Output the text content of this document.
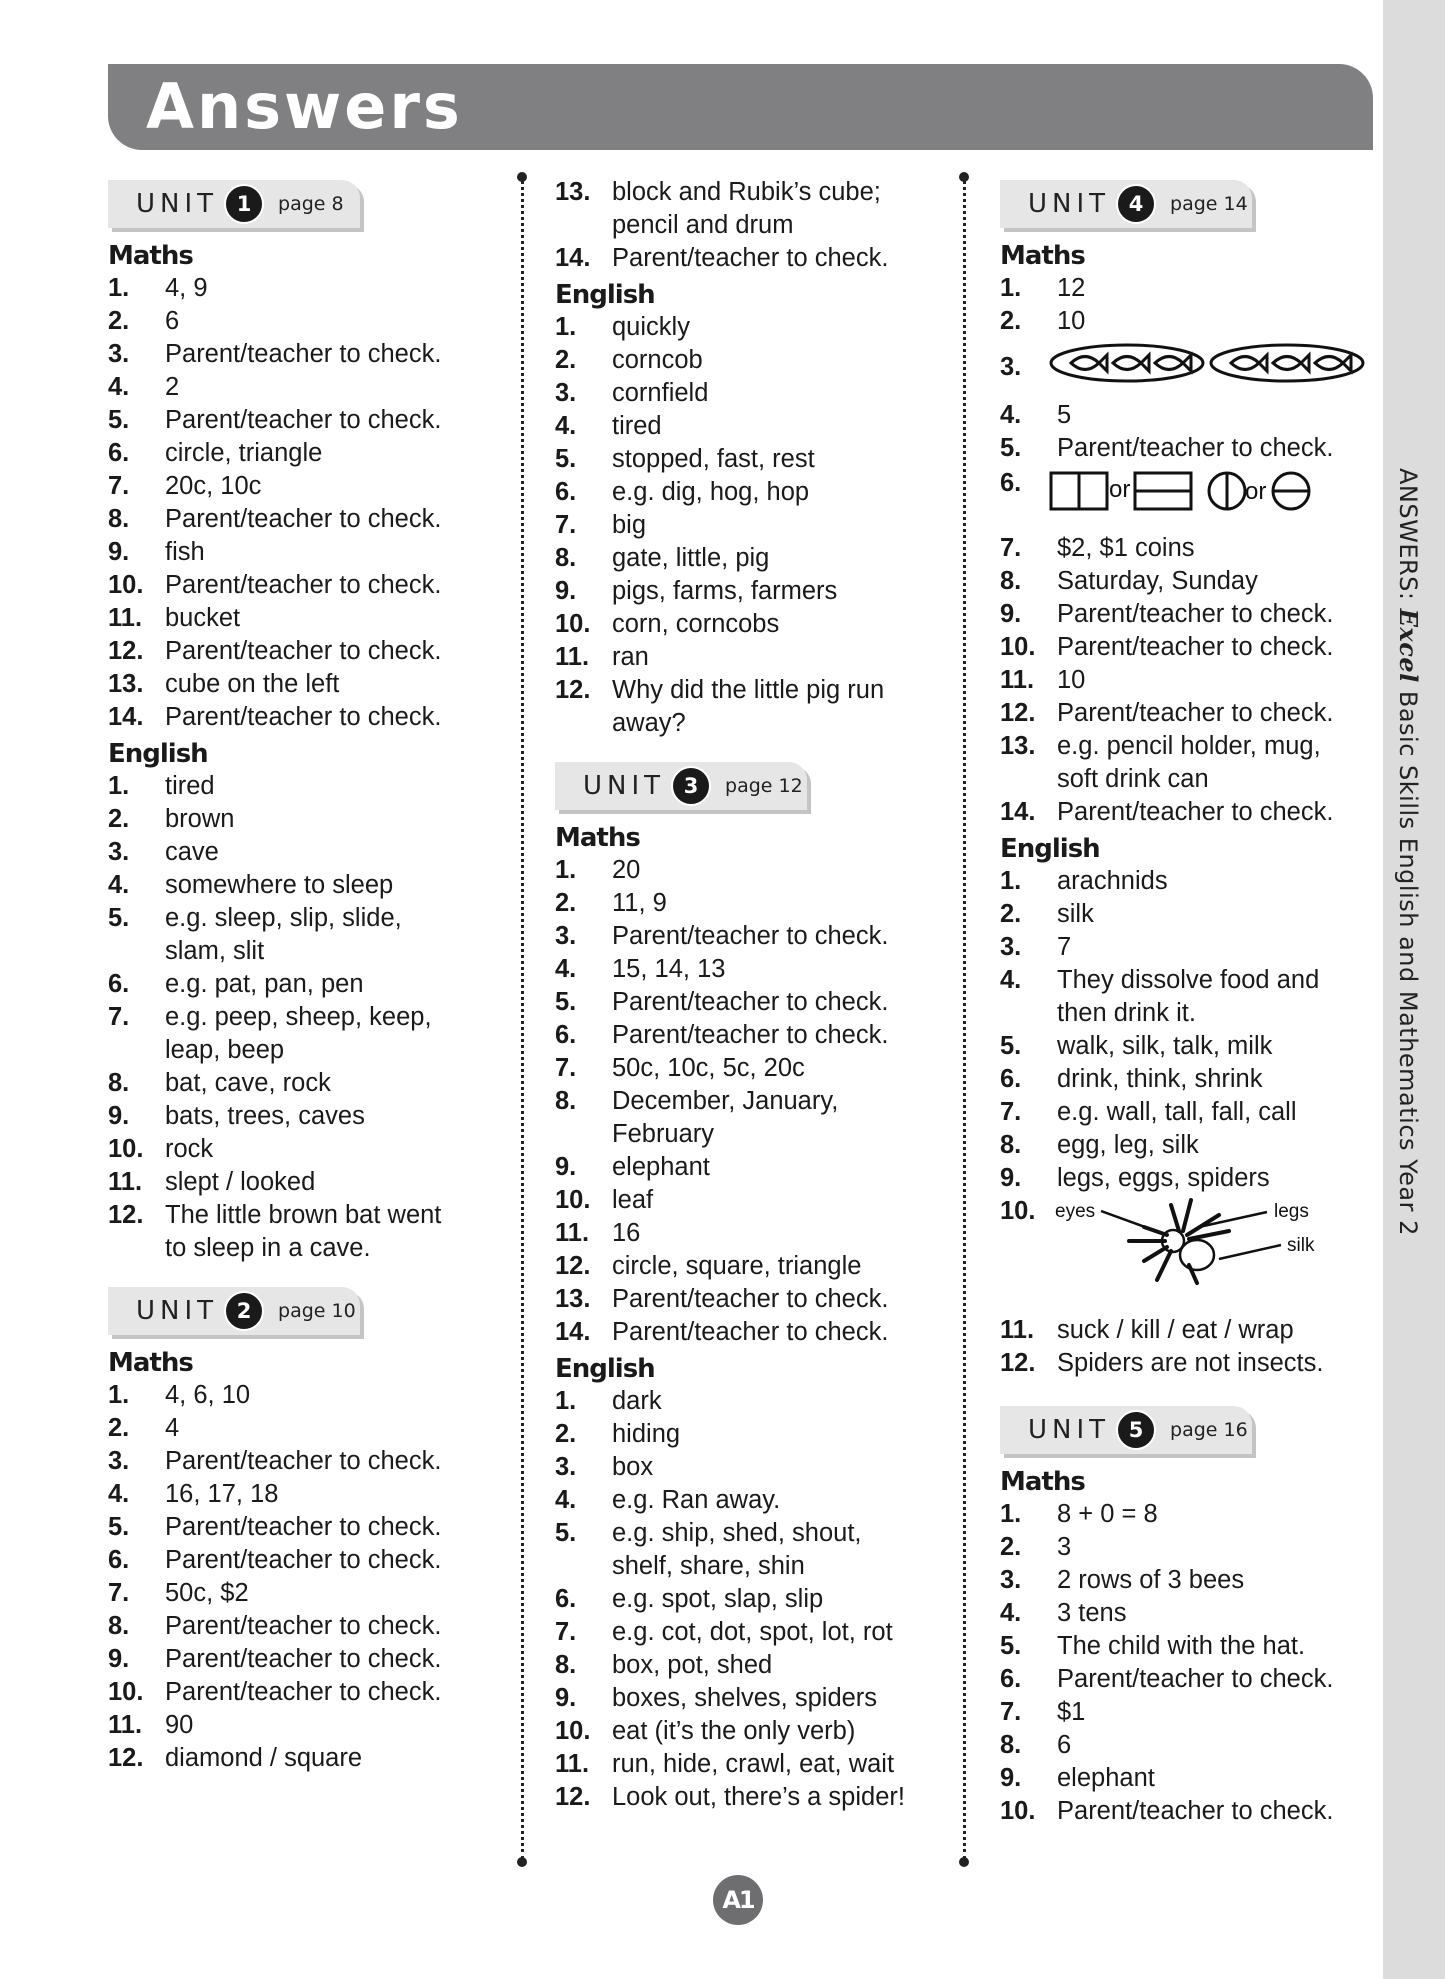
Answers
ANSWERS: Excel Basic Skills English and Mathematics Year 2
UNIT 1	page 8
Maths
1.	4, 9
2.	6
3.	Parent/teacher to check.
4.	2
5.	Parent/teacher to check.
6.	circle, triangle
7.	20c, 10c
8.	Parent/teacher to check.
9.	fish
10. Parent/teacher to check.
11. bucket
12. Parent/teacher to check.
13. cube on the left
14. Parent/teacher to check.
English
1.	tired
2.	brown
3.	cave
4.	somewhere to sleep
5.	e.g. sleep, slip, slide,
slam, slit
6.	e.g. pat, pan, pen
7.	e.g. peep, sheep, keep,
leap, beep
8.	bat, cave, rock
9.	bats, trees, caves
10. rock
11. slept / looked
12. The little brown bat went
to sleep in a cave.
UNIT 2	page 10
Maths
1.	4, 6, 10
2.	4
3.	Parent/teacher to check.
4.	16, 17, 18
5.	Parent/teacher to check.
6.	Parent/teacher to check.
7.	50c, $2
8.	Parent/teacher to check.
9.	Parent/teacher to check.
10. Parent/teacher to check.
11. 90
12. diamond / square
13. block and Rubik’s cube;
pencil and drum
14. Parent/teacher to check.
English
1.	quickly
2.	corncob
3.	cornfield
4.	tired
5.	stopped, fast, rest
6.	e.g. dig, hog, hop
7.	big
8.	gate, little, pig
9.	pigs, farms, farmers
10. corn, corncobs
11. ran
12. Why did the little pig run
away?
UNIT 3	page 12
Maths
1.	20
2.	11, 9
3.	Parent/teacher to check.
4.	15, 14, 13
5.	Parent/teacher to check.
6.	Parent/teacher to check.
7.	50c, 10c, 5c, 20c
8.	December, January,
February
9.	elephant
10. leaf
11. 16
12. circle, square, triangle
13. Parent/teacher to check.
14. Parent/teacher to check.
English
1.	dark
2.	hiding
3.	box
4.	e.g. Ran away.
5.	e.g. ship, shed, shout,
shelf, share, shin
6.	e.g. spot, slap, slip
7.	e.g. cot, dot, spot, lot, rot
8.	box, pot, shed
9.	boxes, shelves, spiders
10. eat (it’s the only verb)
11. run, hide, crawl, eat, wait
12. Look out, there’s a spider!
UNIT 4	page 14
Maths
1.	12
2.	10
3.
4.	5
5.	Parent/teacher to check.
6.	or	or
7.	$2, $1 coins
8.	Saturday, Sunday
9.	Parent/teacher to check.
10. Parent/teacher to check.
11. 10
12. Parent/teacher to check.
13. e.g. pencil holder, mug,
soft drink can
14. Parent/teacher to check.
English
1.	arachnids
2.	silk
3.	7
4.	They dissolve food and
then drink it.
5.	walk, silk, talk, milk
6.	drink, think, shrink
7.	e.g. wall, tall, fall, call
8.	egg, leg, silk
9.	legs, eggs, spiders
10.	eyes	legs
silk
11. suck / kill / eat / wrap
12. Spiders are not insects.
UNIT 5	page 16
Maths
1.	8 + 0 = 8
2.	3
3.	2 rows of 3 bees
4.	3 tens
5.	The child with the hat.
6.	Parent/teacher to check.
7.	$1
8.	6
9.	elephant
10. Parent/teacher to check.
A1
